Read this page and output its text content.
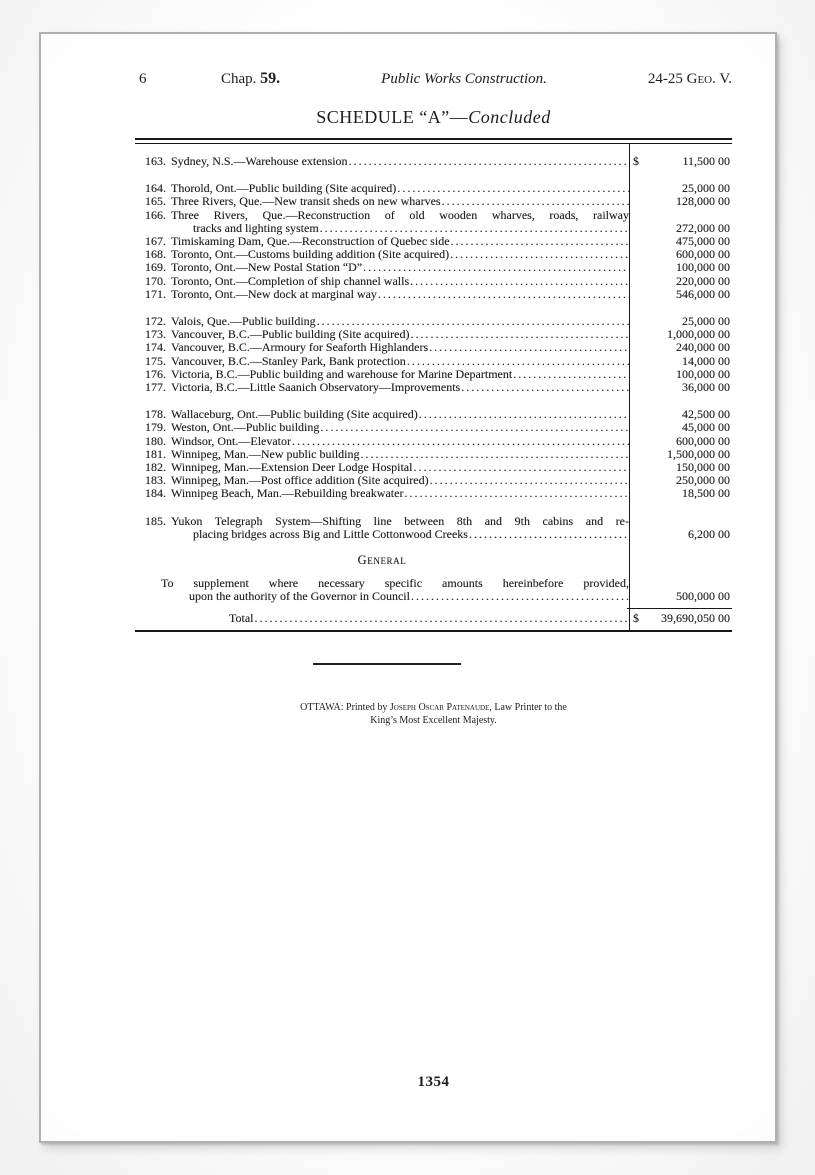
6	Chap. 59.	Public Works Construction.	24-25 Geo. V.
SCHEDULE “A”—Concluded
163. Sydney, N.S.—Warehouse extension .....	$	11,500 00
164. Thorold, Ont.—Public building (Site acquired) .....	25,000 00
165. Three Rivers, Que.—New transit sheds on new wharves .....	128,000 00
166. Three Rivers, Que.—Reconstruction of old wooden wharves, roads, railway
tracks and lighting system .....	272,000 00
167. Timiskaming Dam, Que.—Reconstruction of Quebec side .....	475,000 00
168. Toronto, Ont.—Customs building addition (Site acquired) .....	600,000 00
169. Toronto, Ont.—New Postal Station “D” .....	100,000 00
170. Toronto, Ont.—Completion of ship channel walls .....	220,000 00
171. Toronto, Ont.—New dock at marginal way .....	546,000 00
172. Valois, Que.—Public building .....	25,000 00
173. Vancouver, B.C.—Public building (Site acquired) .....	1,000,000 00
174. Vancouver, B.C.—Armoury for Seaforth Highlanders .....	240,000 00
175. Vancouver, B.C.—Stanley Park, Bank protection .....	14,000 00
176. Victoria, B.C.—Public building and warehouse for Marine Department .....	100,000 00
177. Victoria, B.C.—Little Saanich Observatory—Improvements .....	36,000 00
178. Wallaceburg, Ont.—Public building (Site acquired) .....	42,500 00
179. Weston, Ont.—Public building .....	45,000 00
180. Windsor, Ont.—Elevator .....	600,000 00
181. Winnipeg, Man.—New public building .....	1,500,000 00
182. Winnipeg, Man.—Extension Deer Lodge Hospital .....	150,000 00
183. Winnipeg, Man.—Post office addition (Site acquired) .....	250,000 00
184. Winnipeg Beach, Man.—Rebuilding breakwater .....	18,500 00
185. Yukon Telegraph System—Shifting line between 8th and 9th cabins and re-
placing bridges across Big and Little Cottonwood Creeks .....	6,200 00
General
To supplement where necessary specific amounts hereinbefore provided,
upon the authority of the Governor in Council .....	500,000 00
Total .....	$ 39,690,050 00
OTTAWA: Printed by Joseph Oscar Patenaude, Law Printer to the
King’s Most Excellent Majesty.
1354
